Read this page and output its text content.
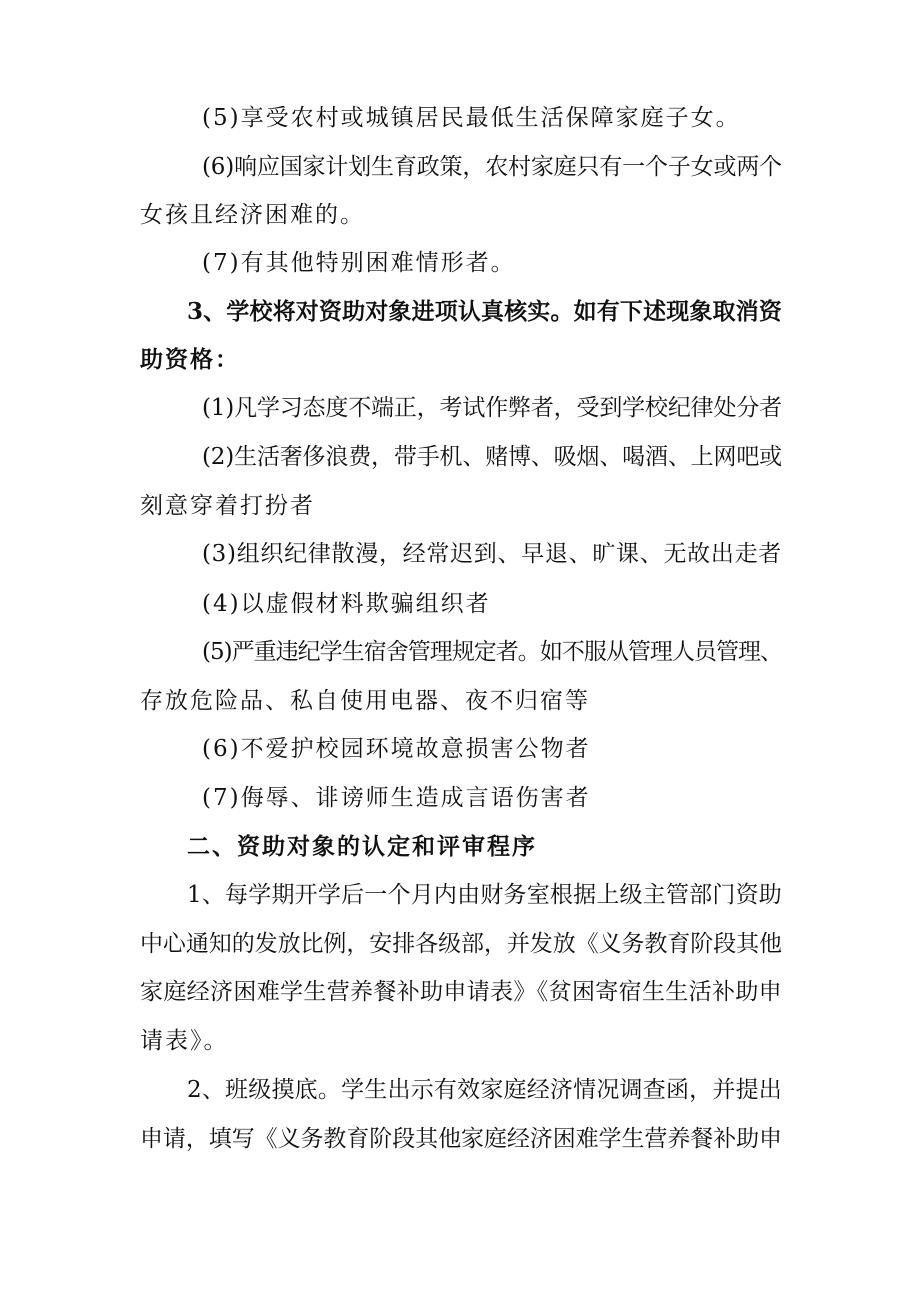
(5)享受农村或城镇居民最低生活保障家庭子女。
(6)响应国家计划生育政策，农村家庭只有一个子女或两个
女孩且经济困难的。
(7)有其他特别困难情形者。
3、学校将对资助对象进项认真核实。如有下述现象取消资
助资格：
(1)凡学习态度不端正，考试作弊者，受到学校纪律处分者
(2)生活奢侈浪费，带手机、赌博、吸烟、喝酒、上网吧或
刻意穿着打扮者
(3)组织纪律散漫，经常迟到、早退、旷课、无故出走者
(4)以虚假材料欺骗组织者
(5)严重违纪学生宿舍管理规定者。如不服从管理人员管理、
存放危险品、私自使用电器、夜不归宿等
(6)不爱护校园环境故意损害公物者
(7)侮辱、诽谤师生造成言语伤害者
二、资助对象的认定和评审程序
1、每学期开学后一个月内由财务室根据上级主管部门资助
中心通知的发放比例，安排各级部，并发放《义务教育阶段其他
家庭经济困难学生营养餐补助申请表》《贫困寄宿生生活补助申
请表》。
2、班级摸底。学生出示有效家庭经济情况调查函，并提出
申请，填写《义务教育阶段其他家庭经济困难学生营养餐补助申
